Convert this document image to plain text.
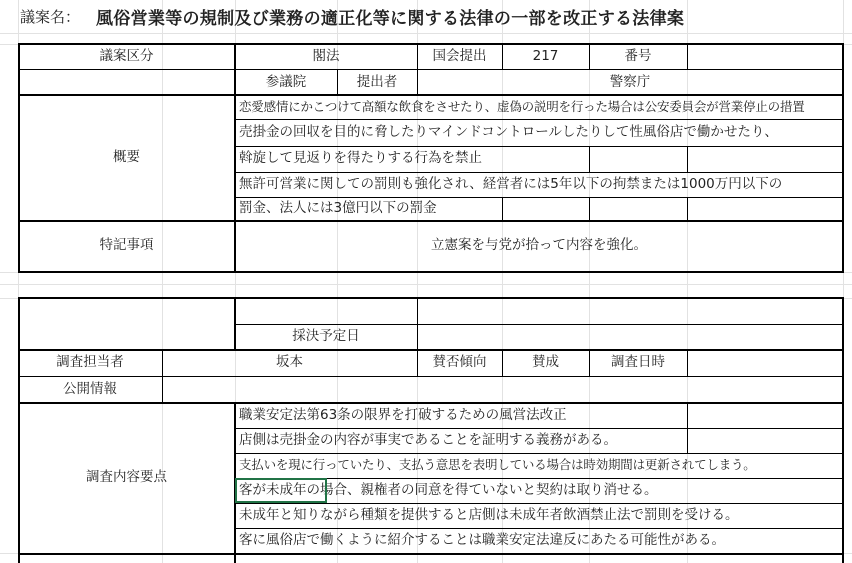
議案名： 風俗営業等の規制及び業務の適正化等に関する法律の一部を改正する法律案
議案区分	閣法	国会提出	217	番号
参議院	提出者	警察庁
概要
恋愛感情にかこつけて高額な飲食をさせたり、虚偽の説明を行った場合は公安委員会が営業停止の措置
売掛金の回収を目的に脅したりマインドコントロールしたりして性風俗店で働かせたり、
斡旋して見返りを得たりする行為を禁止
無許可営業に関しての罰則も強化され、経営者には5年以下の拘禁または1000万円以下の
罰金、法人には3億円以下の罰金
特記事項	立憲案を与党が拾って内容を強化。
採決予定日
調査担当者	坂本	賛否傾向	賛成	調査日時
公開情報
調査内容要点
職業安定法第63条の限界を打破するための風営法改正
店側は売掛金の内容が事実であることを証明する義務がある。
支払いを現に行っていたり、支払う意思を表明している場合は時効期間は更新されてしまう。
客が未成年の場合、親権者の同意を得ていないと契約は取り消せる。
未成年と知りながら種類を提供すると店側は未成年者飲酒禁止法で罰則を受ける。
客に風俗店で働くように紹介することは職業安定法違反にあたる可能性がある。
